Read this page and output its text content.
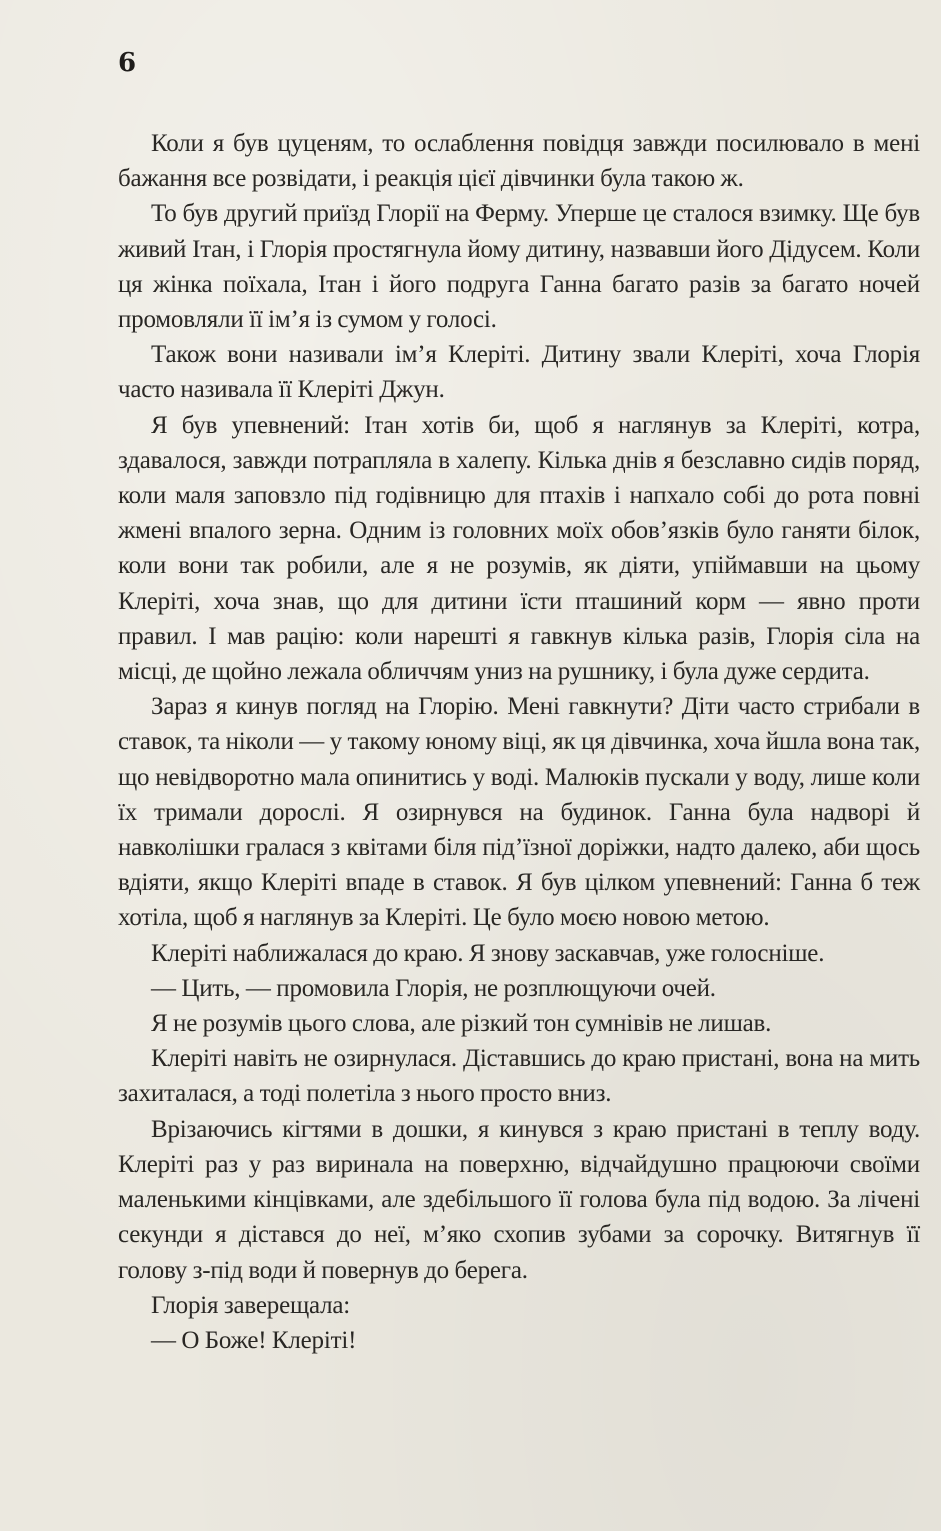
6

Коли я був цуценям, то ослаблення повідця завжди посилювало в мені бажання все розвідати, і реакція цієї дівчинки була такою ж.

То був другий приїзд Глорії на Ферму. Уперше це сталося взимку. Ще був живий Ітан, і Глорія простягнула йому дитину, назвавши його Дідусем. Коли ця жінка поїхала, Ітан і його подруга Ганна багато разів за багато ночей промовляли її ім’я із сумом у голосі.

Також вони називали ім’я Клеріті. Дитину звали Клеріті, хоча Глорія часто називала її Клеріті Джун.

Я був упевнений: Ітан хотів би, щоб я наглянув за Клеріті, котра, здавалося, завжди потрапляла в халепу. Кілька днів я безславно сидів поряд, коли маля заповзло під годівницю для птахів і напхало собі до рота повні жмені впалого зерна. Одним із головних моїх обов’язків було ганяти білок, коли вони так робили, але я не розумів, як діяти, упіймавши на цьому Клеріті, хоча знав, що для дитини їсти пташиний корм — явно проти правил. І мав рацію: коли нарешті я гавкнув кілька разів, Глорія сіла на місці, де щойно лежала обличчям униз на рушнику, і була дуже сердита.

Зараз я кинув погляд на Глорію. Мені гавкнути? Діти часто стрибали в ставок, та ніколи — у такому юному віці, як ця дівчинка, хоча йшла вона так, що невідворотно мала опинитись у воді. Малюків пускали у воду, лише коли їх тримали дорослі. Я озирнувся на будинок. Ганна була надворі й навколішки гралася з квітами біля під’їзної доріжки, надто далеко, аби щось вдіяти, якщо Клеріті впаде в ставок. Я був цілком упевнений: Ганна б теж хотіла, щоб я наглянув за Клеріті. Це було моєю новою метою.

Клеріті наближалася до краю. Я знову заскавчав, уже голосніше.

— Цить, — промовила Глорія, не розплющуючи очей.

Я не розумів цього слова, але різкий тон сумнівів не лишав.

Клеріті навіть не озирнулася. Діставшись до краю пристані, вона на мить захиталася, а тоді полетіла з нього просто вниз.

Врізаючись кігтями в дошки, я кинувся з краю пристані в теплу воду. Клеріті раз у раз виринала на поверхню, відчайдушно працюючи своїми маленькими кінцівками, але здебільшого її голова була під водою. За лічені секунди я дістався до неї, м’яко схопив зубами за сорочку. Витягнув її голову з-під води й повернув до берега.

Глорія заверещала:

— О Боже! Клеріті!
